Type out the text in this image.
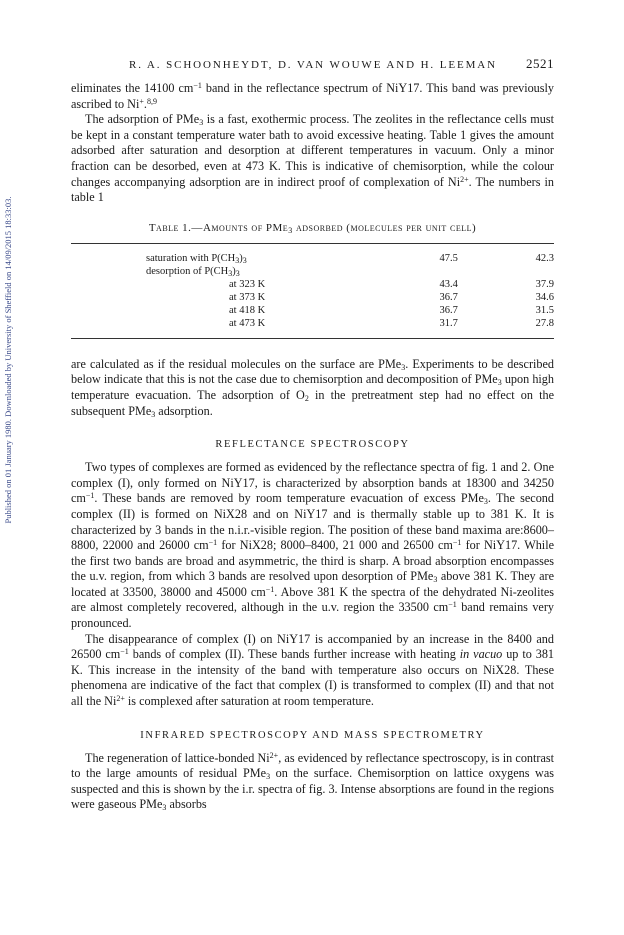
Published on 01 January 1980. Downloaded by University of Sheffield on 14/09/2015 18:33:03.
R. A. SCHOONHEYDT, D. VAN WOUWE AND H. LEEMAN 2521

eliminates the 14100 $cm^{-1}$ band in the reflectance spectrum of NiY17. This band was previously ascribed to Ni+.$^{8,9}$

The adsorption of PMe$_3$ is a fast, exothermic process. The zeolites in the reflectance cells must be kept in a constant temperature water bath to avoid excessive heating. Table 1 gives the amount adsorbed after saturation and desorption at different temperatures in vacuum. Only a minor fraction can be desorbed, even at 473 K. This is indicative of chemisorption, while the colour changes accompanying adsorption are in indirect proof of complexation of $Ni^{2+}$. The numbers in table 1

Table 1.—Amounts of PMe$_3$ adsorbed (molecules per unit cell)
saturation with $P(CH_3)_3$	47.5	42.3
desorption of $P(CH_3)_3$
at 323 K	43.4	37.9
at 373 K	36.7	34.6
at 418 K	36.7	31.5
at 473 K	31.7	27.8

are calculated as if the residual molecules on the surface are PMe$_3$. Experiments to be described below indicate that this is not the case due to chemisorption and decomposition of PMe$_3$ upon high temperature evacuation. The adsorption of $O_2$ in the pretreatment step had no effect on the subsequent PMe$_3$ adsorption.

REFLECTANCE SPECTROSCOPY

Two types of complexes are formed as evidenced by the reflectance spectra of fig. 1 and 2. One complex (I), only formed on NiY17, is characterized by absorption bands at 18300 and 34250 $cm^{-1}$. These bands are removed by room temperature evacuation of excess PMe$_3$. The second complex (II) is formed on NiX28 and on NiY17 and is thermally stable up to 381 K. It is characterized by 3 bands in the n.i.r.-visible region. The position of these band maxima are:8600–8800, 22000 and 26000 $cm^{-1}$ for NiX28; 8000–8400, 21 000 and 26500 $cm^{-1}$ for NiY17. While the first two bands are broad and asymmetric, the third is sharp. A broad absorption encompasses the u.v. region, from which 3 bands are resolved upon desorption of PMe$_3$ above 381 K. They are located at 33500, 38000 and 45000 $cm^{-1}$. Above 381 K the spectra of the dehydrated Ni-zeolites are almost completely recovered, although in the u.v. region the 33500 $cm^{-1}$ band remains very pronounced.

The disappearance of complex (I) on NiY17 is accompanied by an increase in the 8400 and 26500 $cm^{-1}$ bands of complex (II). These bands further increase with heating in vacuo up to 381 K. This increase in the intensity of the band with temperature also occurs on NiX28. These phenomena are indicative of the fact that complex (I) is transformed to complex (II) and that not all the $Ni^{2+}$ is complexed after saturation at room temperature.

INFRARED SPECTROSCOPY AND MASS SPECTROMETRY

The regeneration of lattice-bonded $Ni^{2+}$, as evidenced by reflectance spectroscopy, is in contrast to the large amounts of residual PMe$_3$ on the surface. Chemisorption on lattice oxygens was suspected and this is shown by the i.r. spectra of fig. 3. Intense absorptions are found in the regions were gaseous PMe$_3$ absorbs
